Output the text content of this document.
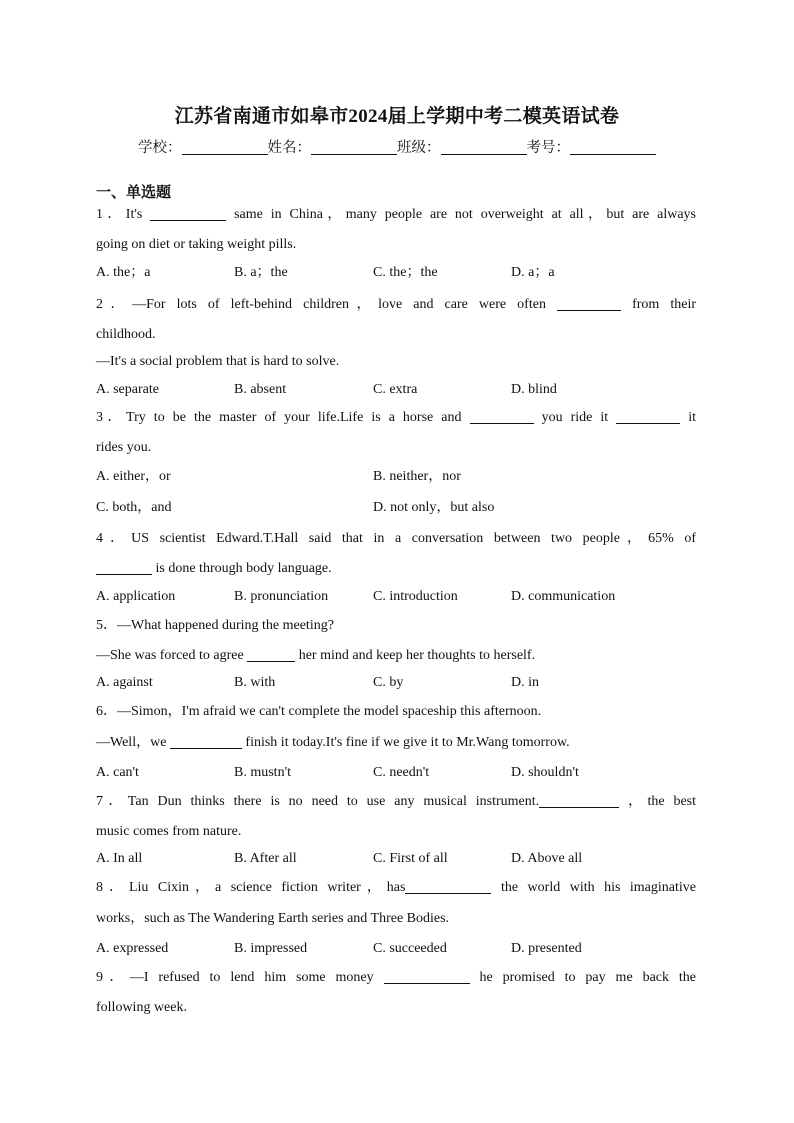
江苏省南通市如皋市2024届上学期中考二模英语试卷
学校：	姓名：	班级：	考号：
一、单选题
1．It's	same in China，many people are not overweight at all，but are always
going on diet or taking weight pills.
A. the；a	B. a；the	C. the；the	D. a；a
2．—For lots of left-behind children，love and care were often	from their
childhood.
—It's a social problem that is hard to solve.
A. separate	B. absent	C. extra	D. blind
3．Try to be the master of your life.Life is a horse and	you ride it	it
rides you.
A. either，or	B. neither，nor
C. both，and	D. not only，but also
4．US scientist Edward.T.Hall said that in a conversation between two people，65% of
is done through body language.
A. application	B. pronunciation	C. introduction	D. communication
5．—What happened during the meeting?
—She was forced to agree	her mind and keep her thoughts to herself.
A. against	B. with	C. by	D. in
6．—Simon，I'm afraid we can't complete the model spaceship this afternoon.
—Well，we	finish it today.It's fine if we give it to Mr.Wang tomorrow.
A. can't	B. mustn't	C. needn't	D. shouldn't
7．Tan Dun thinks there is no need to use any musical instrument.	，the best
music comes from nature.
A. In all	B. After all	C. First of all	D. Above all
8．Liu Cixin，a science fiction writer，has	the world with his imaginative
works，such as The Wandering Earth series and Three Bodies.
A. expressed	B. impressed	C. succeeded	D. presented
9．—I refused to lend him some money	he promised to pay me back the
following week.
